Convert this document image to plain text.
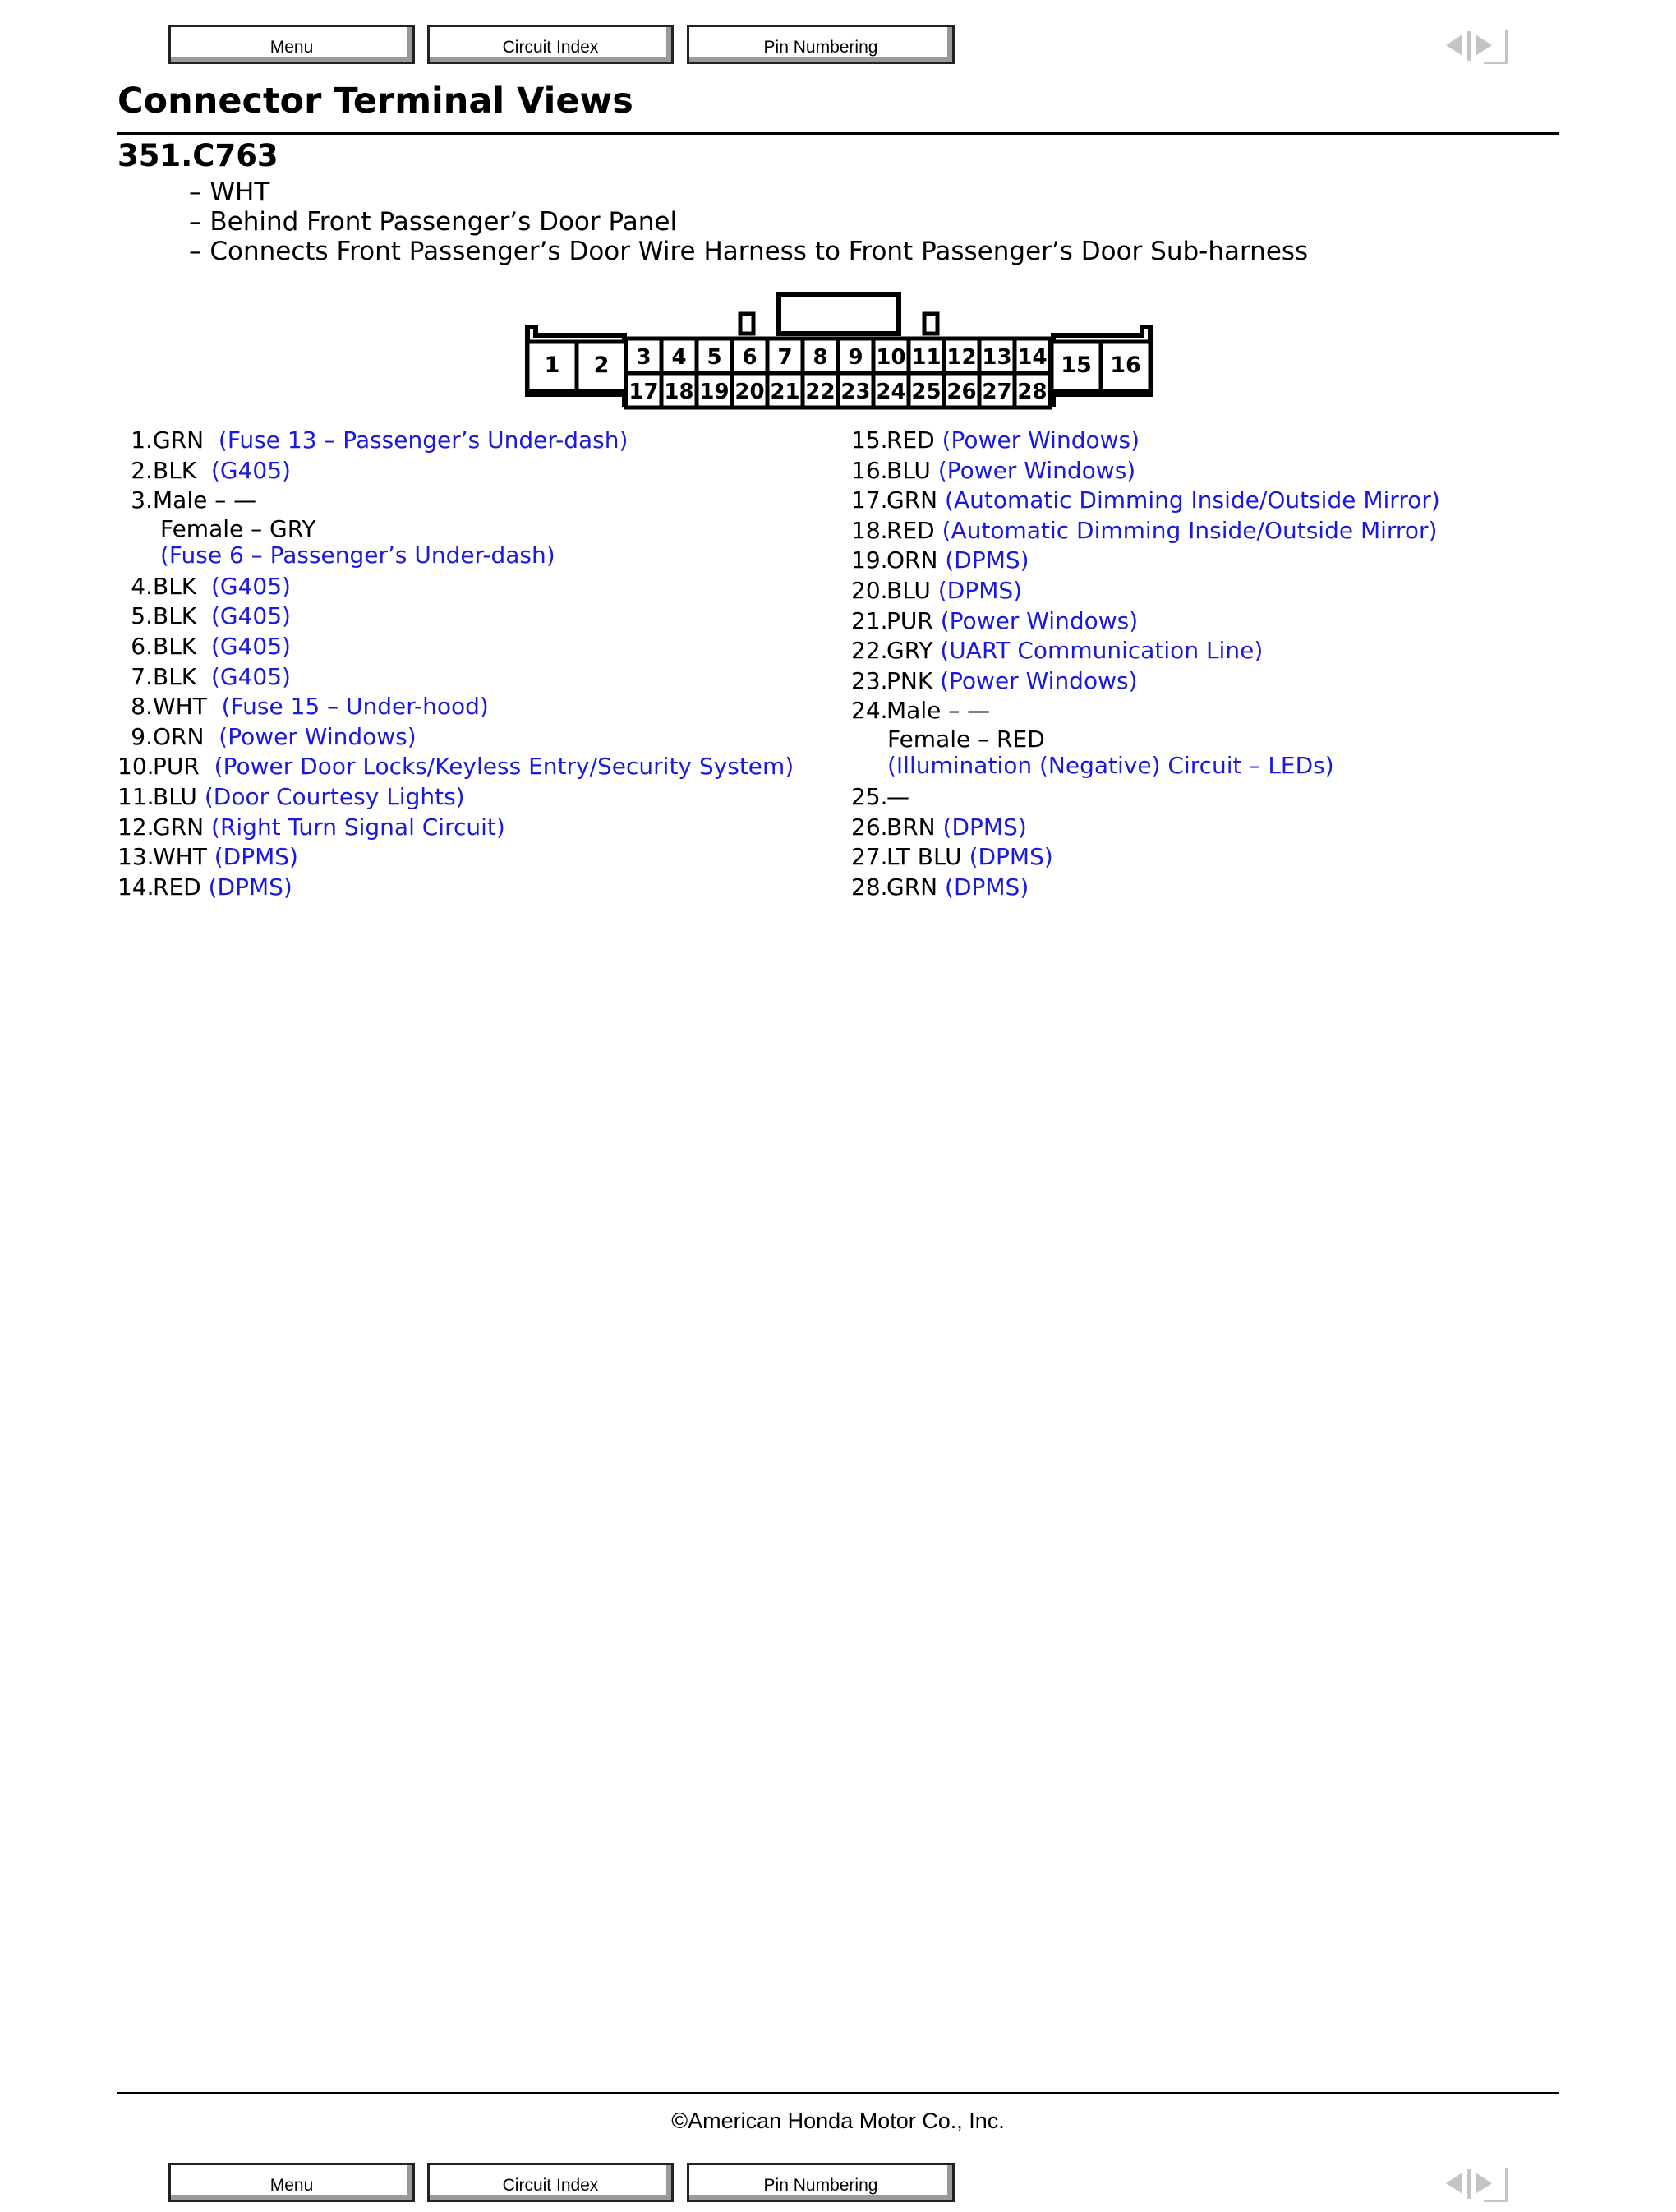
Menu	Circuit Index	Pin Numbering
Connector Terminal Views
351.C763
– WHT
– Behind Front Passenger’s Door Panel
– Connects Front Passenger’s Door Wire Harness to Front Passenger’s Door Sub-harness
1 2	15 16
3
17
4
18
5
19
6
20
7
21
8
22
9
23
10
24
11
25
12
26
13
27
14
28
1.GRN (Fuse 13 – Passenger’s Under-dash)
2.BLK (G405)
3.Male – —
Female – GRY
(Fuse 6 – Passenger’s Under-dash)
4.BLK (G405)
5.BLK (G405)
6.BLK (G405)
7.BLK (G405)
8.WHT (Fuse 15 – Under-hood)
9.ORN (Power Windows)
10.PUR (Power Door Locks/Keyless Entry/Security System)
11.BLU (Door Courtesy Lights)
12.GRN (Right Turn Signal Circuit)
13.WHT (DPMS)
14.RED (DPMS)
15.RED (Power Windows)
16.BLU (Power Windows)
17.GRN (Automatic Dimming Inside/Outside Mirror)
18.RED (Automatic Dimming Inside/Outside Mirror)
19.ORN (DPMS)
20.BLU (DPMS)
21.PUR (Power Windows)
22.GRY (UART Communication Line)
23.PNK (Power Windows)
24.Male – —
Female – RED
(Illumination (Negative) Circuit – LEDs)
25.—
26.BRN (DPMS)
27.LT BLU (DPMS)
28.GRN (DPMS)
©American Honda Motor Co., Inc.
Menu	Circuit Index	Pin Numbering
